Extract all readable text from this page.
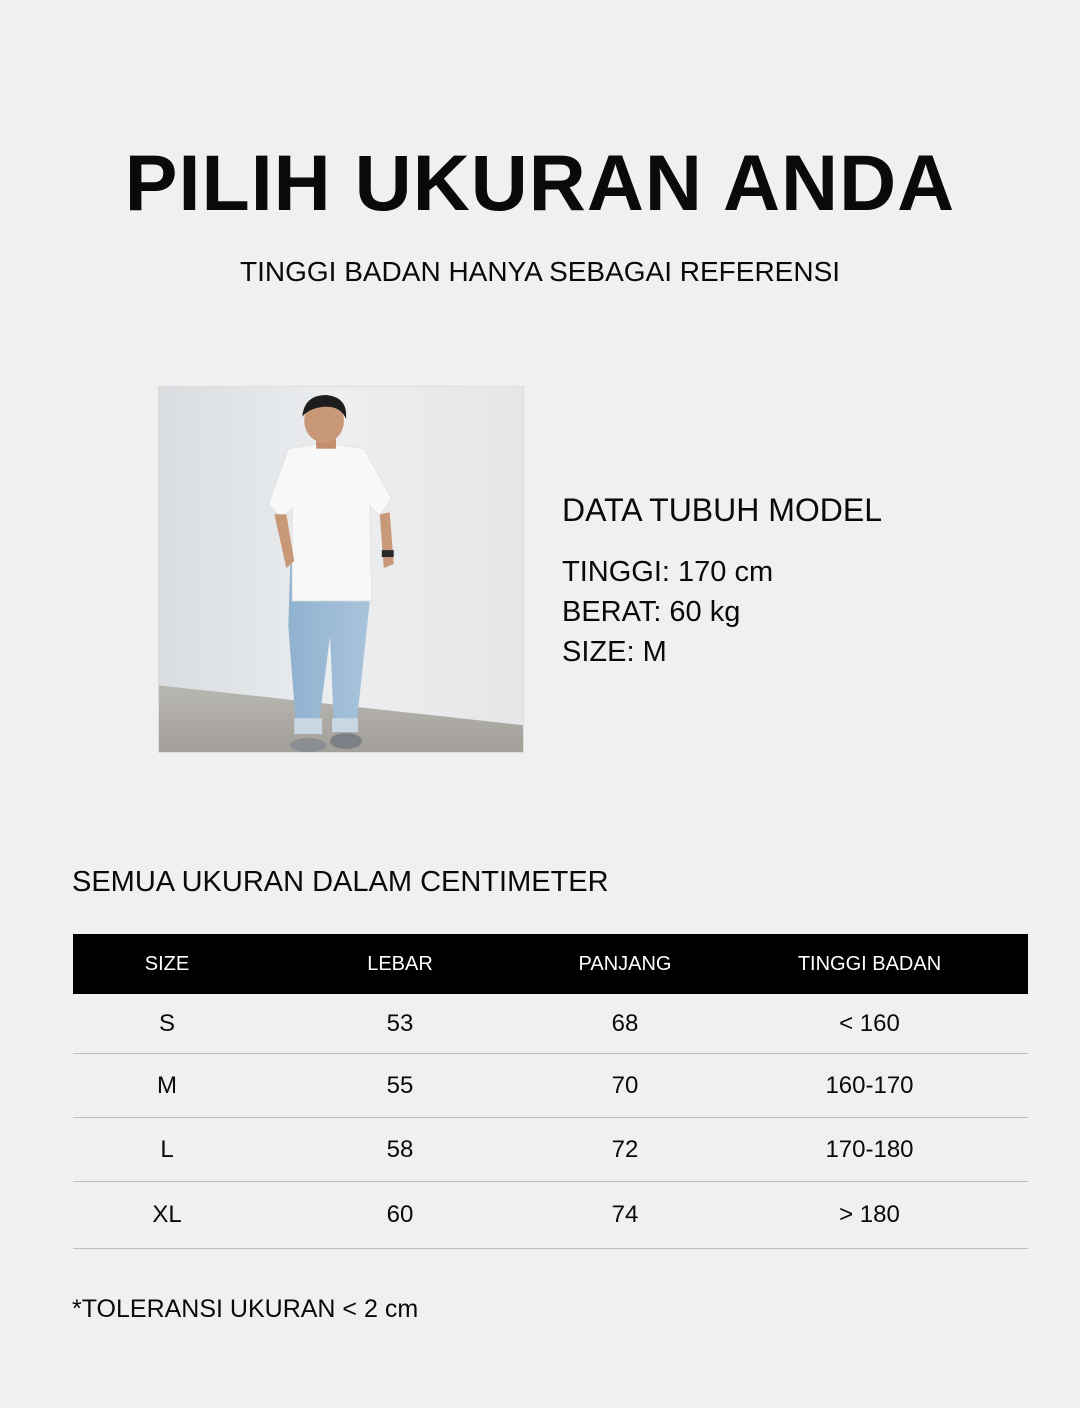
PILIH UKURAN ANDA

TINGGI BADAN HANYA SEBAGAI REFERENSI

DATA TUBUH MODEL

TINGGI: 170 cm

BERAT: 60 kg

SIZE: M

SEMUA UKURAN DALAM CENTIMETER

SIZE	LEBAR	PANJANG	TINGGI BADAN
S	53	68	< 160
M	55	70	160-170
L	58	72	170-180
XL	60	74	> 180

*TOLERANSI UKURAN < 2 cm
